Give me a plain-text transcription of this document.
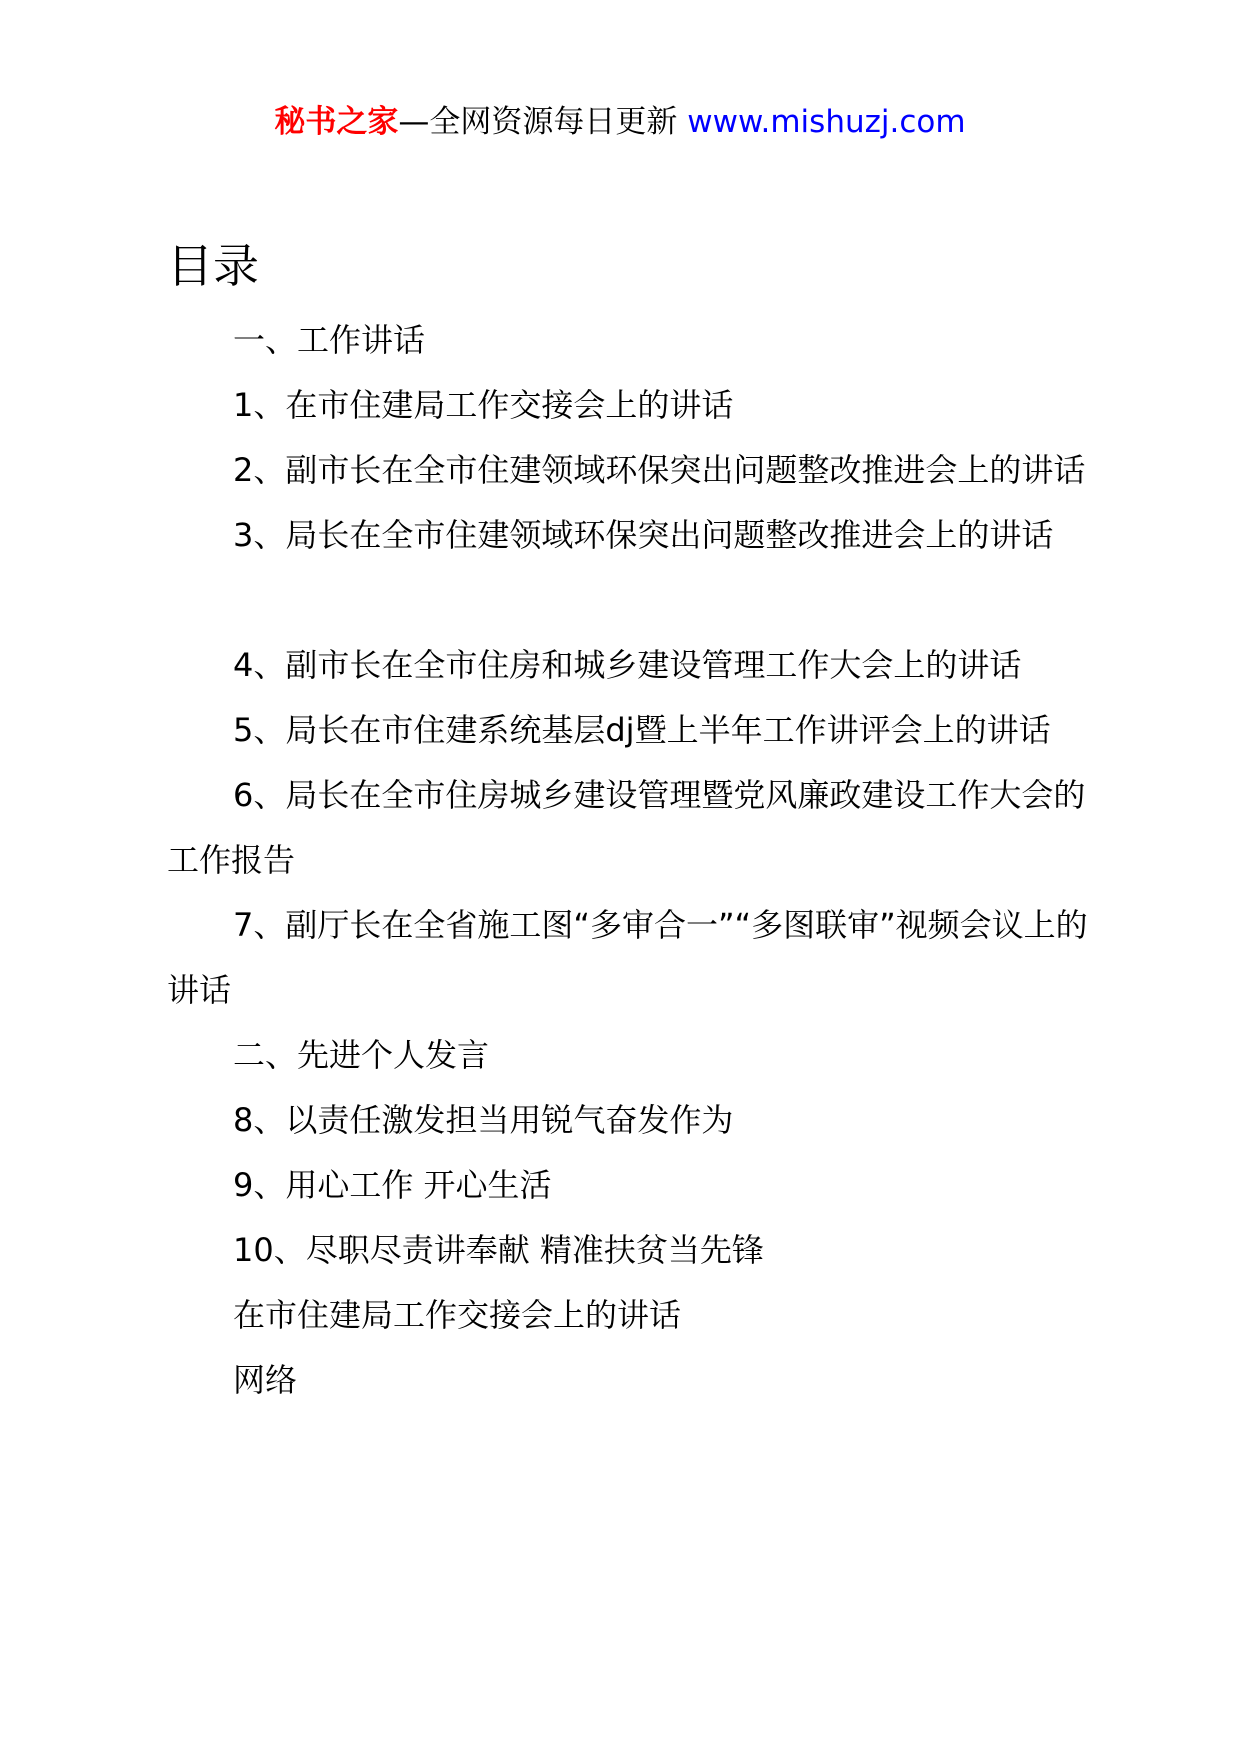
秘书之家—全网资源每日更新 www.mishuzj.com
目录
一、工作讲话
1、在市住建局工作交接会上的讲话
2、副市长在全市住建领域环保突出问题整改推进会上的讲话
3、局长在全市住建领域环保突出问题整改推进会上的讲话
4、副市长在全市住房和城乡建设管理工作大会上的讲话
5、局长在市住建系统基层dj暨上半年工作讲评会上的讲话
6、局长在全市住房城乡建设管理暨党风廉政建设工作大会的工作报告
7、副厅长在全省施工图“多审合一”“多图联审”视频会议上的讲话
二、先进个人发言
8、以责任激发担当用锐气奋发作为
9、用心工作 开心生活
10、尽职尽责讲奉献 精准扶贫当先锋
在市住建局工作交接会上的讲话
网络
